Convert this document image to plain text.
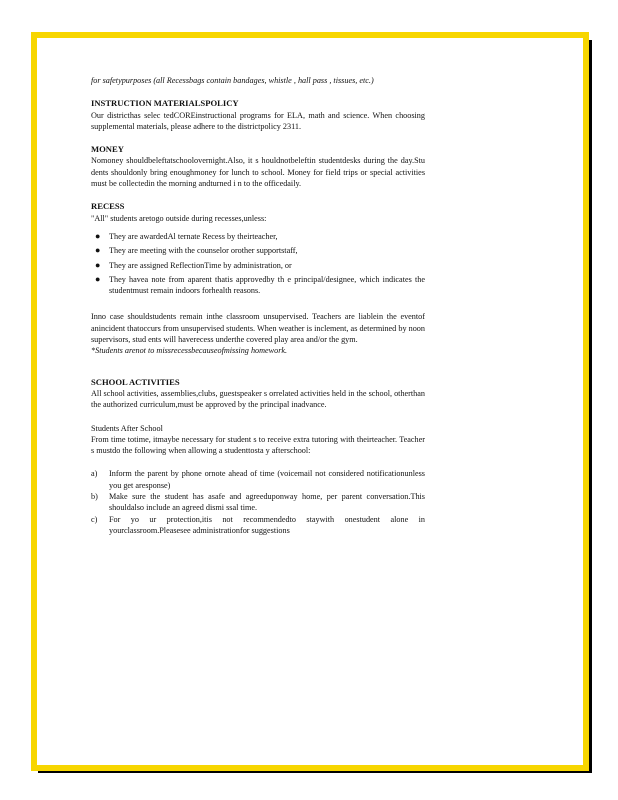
for safetypurposes (all Recessbags contain bandages, whistle , hall pass , tissues, etc.)

INSTRUCTION MATERIALSPOLICY

Our districthas selec tedCOREinstructional programs for ELA, math and science. When choosing supplemental materials, please adhere to the districtpolicy 2311.

MONEY

Nomoney shouldbeleftatschoolovernight.Also, it s houldnotbeleftin studentdesks during the day.Stu dents shouldonly bring enoughmoney for lunch to school. Money for field trips or special activities must be collectedin the morning andturned i n to the officedaily.

RECESS

"All" students aretogo outside during recesses,unless:

● They are awardedAl ternate Recess by theirteacher,
● They are meeting with the counselor orother supportstaff,
● They are assigned ReflectionTime by administration, or
● They havea note from aparent thatis approvedby th e principal/designee, which indicates the studentmust remain indoors forhealth reasons.

Inno case shouldstudents remain inthe classroom unsupervised. Teachers are liablein the eventof anincident thatoccurs from unsupervised students. When weather is inclement, as determined by noon supervisors, stud ents will haverecess underthe covered play area and/or the gym.

*Students arenot to missrecessbecauseofmissing homework.

SCHOOL ACTIVITIES

All school activities, assemblies,clubs, guestspeaker s orrelated activities held in the school, otherthan the authorized curriculum,must be approved by the principal inadvance.

Students After School

From time totime, itmaybe necessary for student s to receive extra tutoring with theirteacher. Teacher s mustdo the following when allowing a studenttosta y afterschool:

a) Inform the parent by phone ornote ahead of time (voicemail not considered notificationunless you get aresponse)
b) Make sure the student has asafe and agreeduponway home, per parent conversation.This shouldalso include an agreed dismi ssal time.
c) For yo ur protection,itis not recommendedto staywith onestudent alone in yourclassroom.Pleasesee administrationfor suggestions
